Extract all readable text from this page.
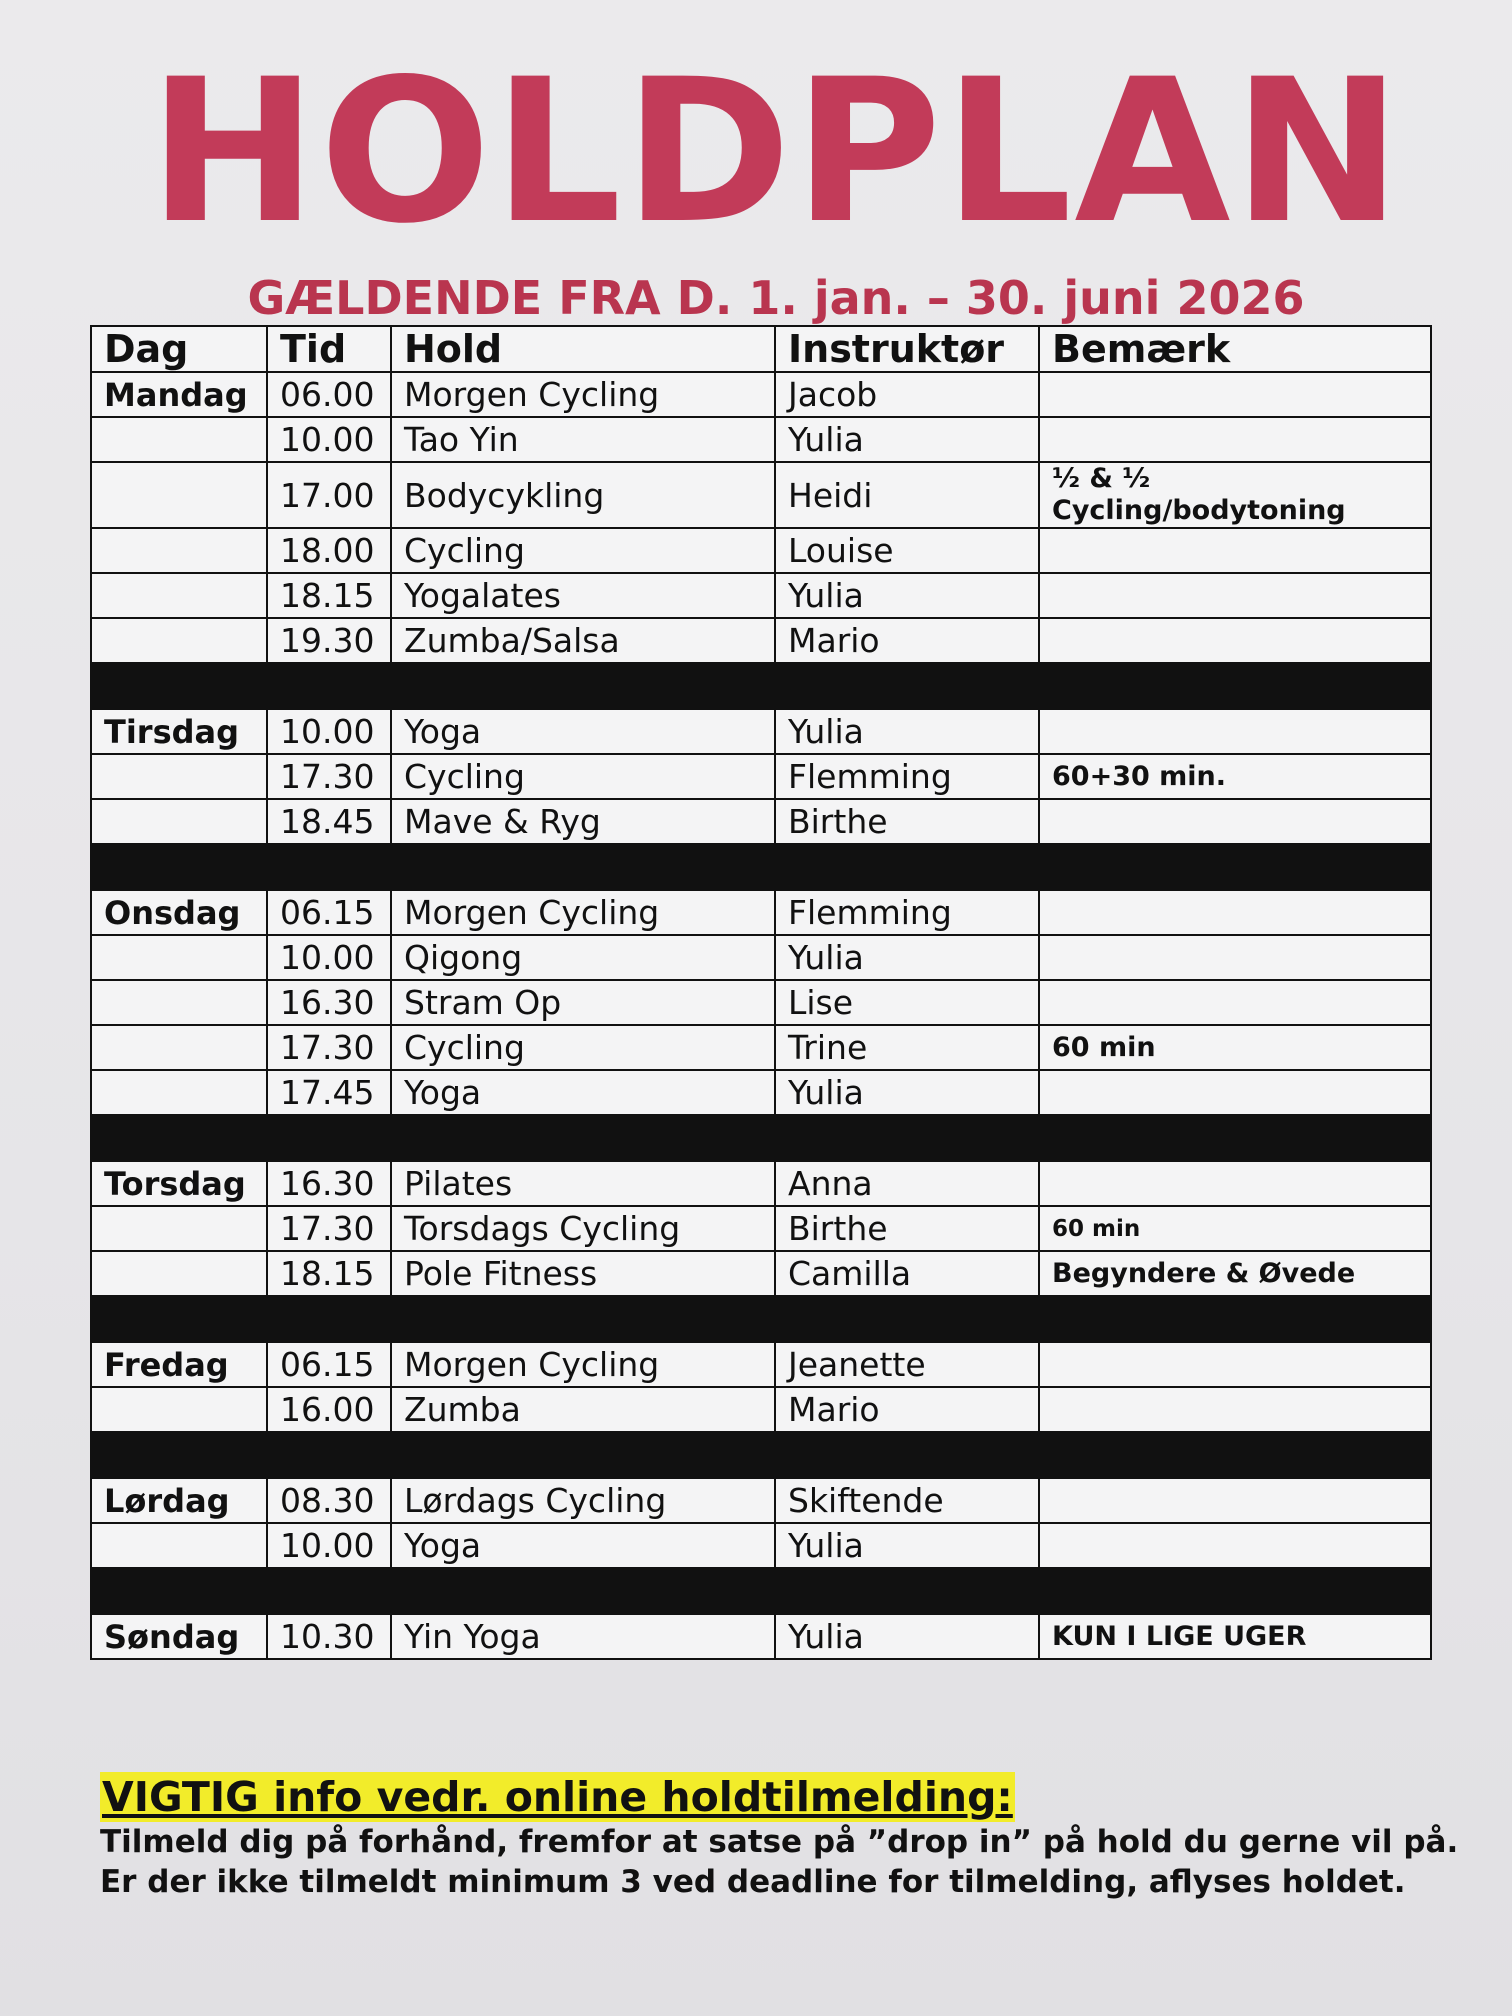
HOLDPLAN
GÆLDENDE FRA D. 1. jan. – 30. juni 2026
Dag	Tid	Hold	Instruktør	Bemærk
Mandag	06.00	Morgen Cycling	Jacob	

	10.00	Tao Yin	Yulia	

	17.00	Bodycykling	Heidi	½ & ½
Cycling/bodytoning

	18.00	Cycling	Louise	

	18.15	Yogalates	Yulia	

	19.30	Zumba/Salsa	Mario	

Tirsdag	10.00	Yoga	Yulia	

	17.30	Cycling	Flemming	60+30 min.

	18.45	Mave & Ryg	Birthe	

Onsdag	06.15	Morgen Cycling	Flemming	

	10.00	Qigong	Yulia	

	16.30	Stram Op	Lise	

	17.30	Cycling	Trine	60 min

	17.45	Yoga	Yulia	

Torsdag	16.30	Pilates	Anna	

	17.30	Torsdags Cycling	Birthe	60 min

	18.15	Pole Fitness	Camilla	Begyndere & Øvede

Fredag	06.15	Morgen Cycling	Jeanette	

	16.00	Zumba	Mario	

Lørdag	08.30	Lørdags Cycling	Skiftende	

	10.00	Yoga	Yulia	

Søndag	10.30	Yin Yoga	Yulia	KUN I LIGE UGER
VIGTIG info vedr. online holdtilmelding:
Tilmeld dig på forhånd, fremfor at satse på ”drop in” på hold du gerne vil på.
Er der ikke tilmeldt minimum 3 ved deadline for tilmelding, aflyses holdet.
